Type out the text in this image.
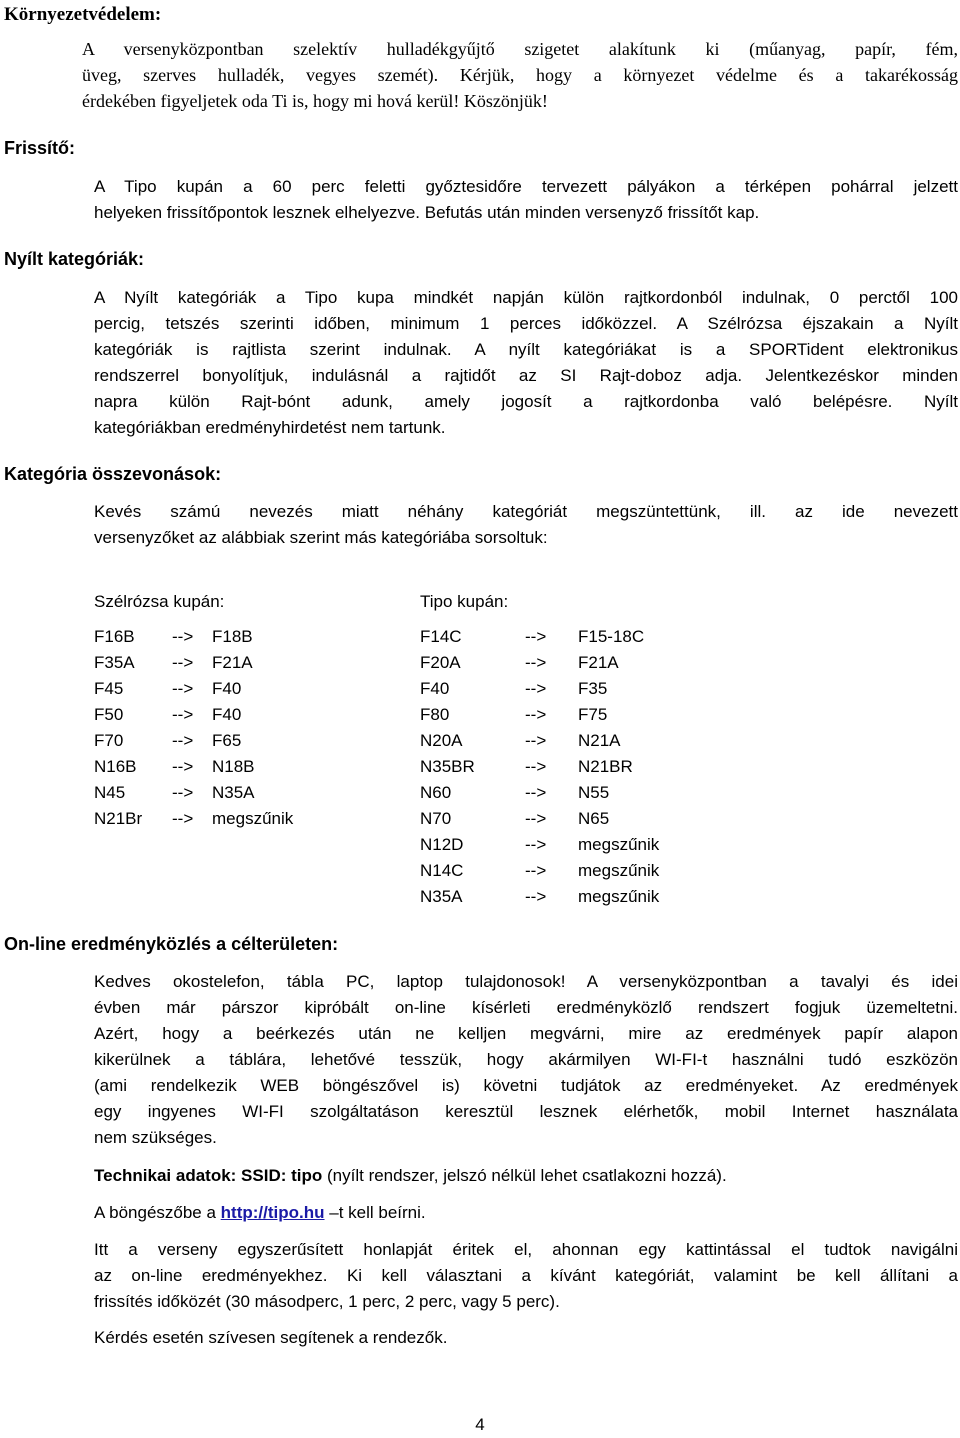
Környezetvédelem:
A versenyközpontban szelektív hulladékgyűjtő szigetet alakítunk ki (műanyag, papír, fém,
üveg, szerves hulladék, vegyes szemét). Kérjük, hogy a környezet védelme és a takarékosság
érdekében figyeljetek oda Ti is, hogy mi hová kerül! Köszönjük!
Frissítő:
A Tipo kupán a 60 perc feletti győztesidőre tervezett pályákon a térképen pohárral jelzett
helyeken frissítőpontok lesznek elhelyezve. Befutás után minden versenyző frissítőt kap.
Nyílt kategóriák:
A Nyílt kategóriák a Tipo kupa mindkét napján külön rajtkordonból indulnak, 0 perctől 100
percig, tetszés szerinti időben, minimum 1 perces időközzel. A Szélrózsa éjszakain a Nyílt
kategóriák is rajtlista szerint indulnak. A nyílt kategóriákat is a SPORTident elektronikus
rendszerrel bonyolítjuk, indulásnál a rajtidőt az SI Rajt-doboz adja. Jelentkezéskor minden
napra külön Rajt-bónt adunk, amely jogosít a rajtkordonba való belépésre. Nyílt
kategóriákban eredményhirdetést nem tartunk.
Kategória összevonások:
Kevés számú nevezés miatt néhány kategóriát megszüntettünk, ill. az ide nevezett
versenyzőket az alábbiak szerint más kategóriába sorsoltuk:
Szélrózsa kupán:	Tipo kupán:
F16B --> F18B
F35A --> F21A
F45	--> F40
F50	--> F40
F70	--> F65
N16B --> N18B
N45	--> N35A
N21Br --> megszűnik
F14C	--> F15-18C
F20A	--> F21A
F40	--> F35
F80	--> F75
N20A	--> N21A
N35BR	--> N21BR
N60	--> N55
N70	--> N65
N12D	--> megszűnik
N14C	--> megszűnik
N35A	--> megszűnik
On-line eredményközlés a célterületen:
Kedves okostelefon, tábla PC, laptop tulajdonosok! A versenyközpontban a tavalyi és idei
évben már párszor kipróbált on-line kísérleti eredményközlő rendszert fogjuk üzemeltetni.
Azért, hogy a beérkezés után ne kelljen megvárni, mire az eredmények papír alapon
kikerülnek a táblára, lehetővé tesszük, hogy akármilyen WI-FI-t használni tudó eszközön
(ami rendelkezik WEB böngészővel is) követni tudjátok az eredményeket. Az eredmények
egy ingyenes WI-FI szolgáltatáson keresztül lesznek elérhetők, mobil Internet használata
nem szükséges.
Technikai adatok: SSID: tipo (nyílt rendszer, jelszó nélkül lehet csatlakozni hozzá).
A böngészőbe a http://tipo.hu –t kell beírni.
Itt a verseny egyszerűsített honlapját éritek el, ahonnan egy kattintással el tudtok navigálni
az on-line eredményekhez. Ki kell választani a kívánt kategóriát, valamint be kell állítani a
frissítés időközét (30 másodperc, 1 perc, 2 perc, vagy 5 perc).
Kérdés esetén szívesen segítenek a rendezők.
4
